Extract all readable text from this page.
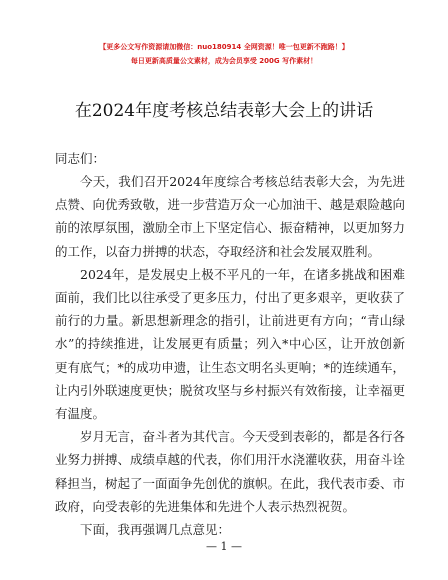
【更多公文写作资源请加微信：nuo180914 全网资源！唯一包更新不跑路！】
每日更新高质量公文素材，成为会员享受 200G 写作素材！
在2024年度考核总结表彰大会上的讲话
同志们：

今天，我们召开2024年度综合考核总结表彰大会，为先进点赞、向优秀致敬，进一步营造万众一心加油干、越是艰险越向前的浓厚氛围，激励全市上下坚定信心、振奋精神，以更加努力的工作，以奋力拼搏的状态，夺取经济和社会发展双胜利。

2024年，是发展史上极不平凡的一年，在诸多挑战和困难面前，我们比以往承受了更多压力，付出了更多艰辛，更收获了前行的力量。新思想新理念的指引，让前进更有方向；“青山绿水”的持续推进，让发展更有质量；列入*中心区，让开放创新更有底气；*的成功申遗，让生态文明名头更响；*的连续通车，让内引外联速度更快；脱贫攻坚与乡村振兴有效衔接，让幸福更有温度。

岁月无言，奋斗者为其代言。今天受到表彰的，都是各行各业努力拼搏、成绩卓越的代表，你们用汗水浇灌收获，用奋斗诠释担当，树起了一面面争先创优的旗帜。在此，我代表市委、市政府，向受表彰的先进集体和先进个人表示热烈祝贺。

下面，我再强调几点意见：

— 1 —
